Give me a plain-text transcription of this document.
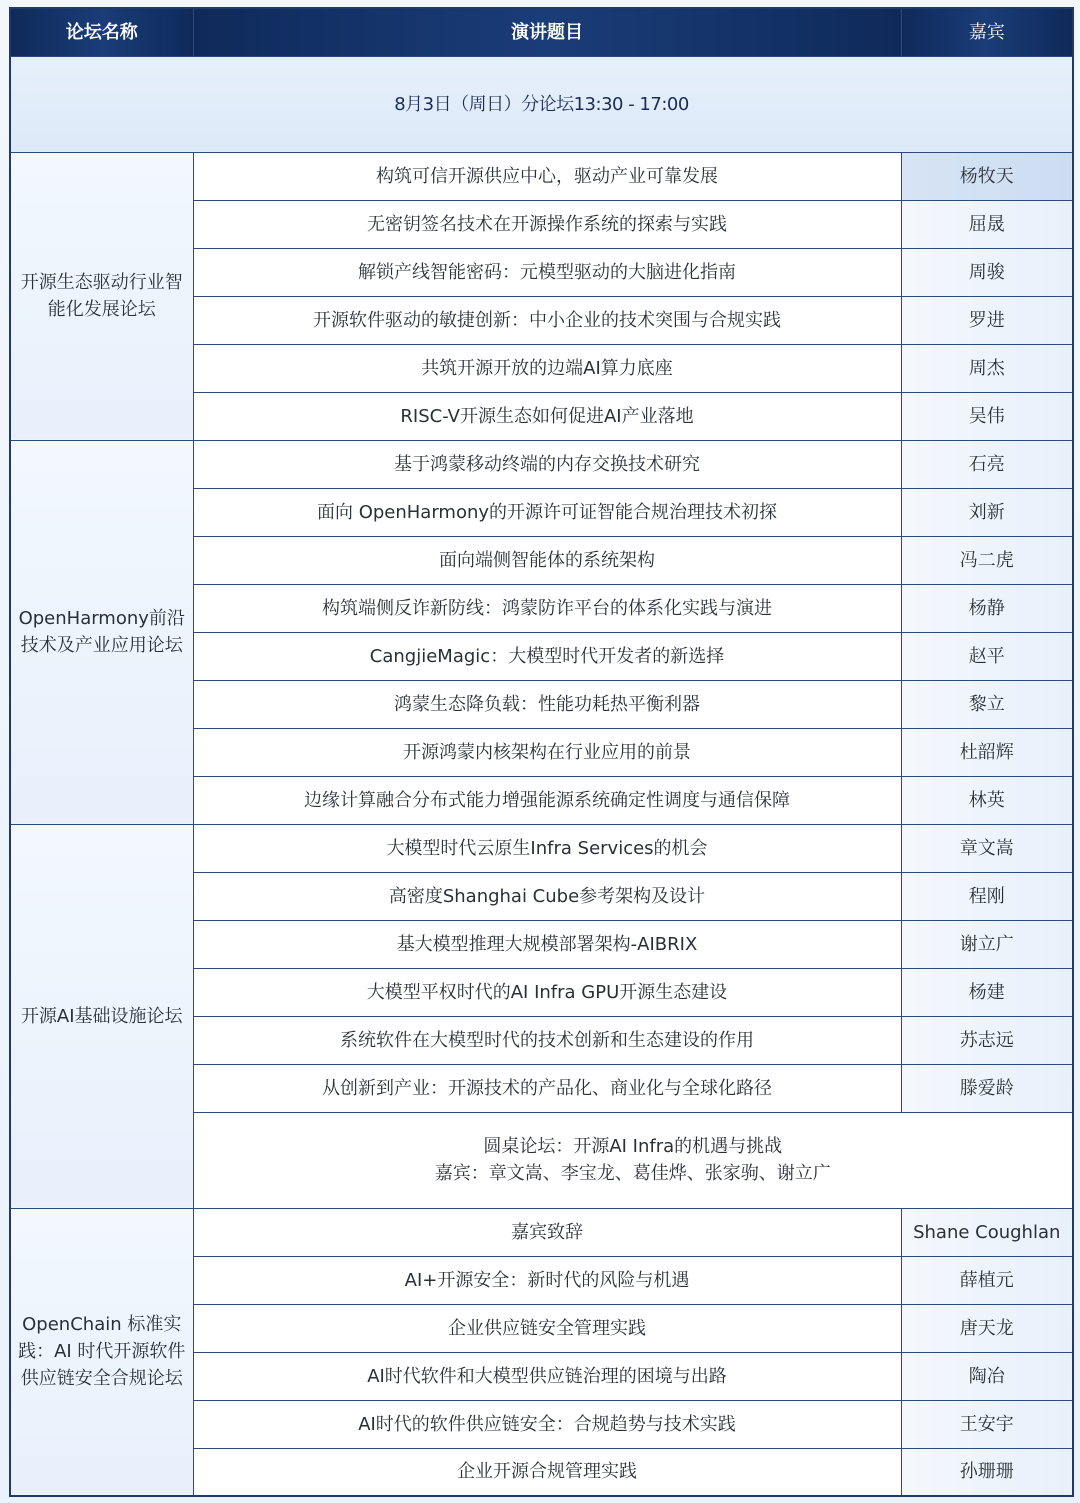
论坛名称	演讲题目	嘉宾
8月3日（周日）分论坛13:30 - 17:00		
开源生态驱动行业智能化发展论坛	构筑可信开源供应中心，驱动产业可靠发展	杨牧天
	无密钥签名技术在开源操作系统的探索与实践	屈晟
	解锁产线智能密码：元模型驱动的大脑进化指南	周骏
	开源软件驱动的敏捷创新：中小企业的技术突围与合规实践	罗进
	共筑开源开放的边端AI算力底座	周杰
	RISC-V开源生态如何促进AI产业落地	吴伟
OpenHarmony前沿技术及产业应用论坛	基于鸿蒙移动终端的内存交换技术研究	石亮
	面向 OpenHarmony的开源许可证智能合规治理技术初探	刘新
	面向端侧智能体的系统架构	冯二虎
	构筑端侧反诈新防线：鸿蒙防诈平台的体系化实践与演进	杨静
	CangjieMagic：大模型时代开发者的新选择	赵平
	鸿蒙生态降负载：性能功耗热平衡利器	黎立
	开源鸿蒙内核架构在行业应用的前景	杜韶辉
	边缘计算融合分布式能力增强能源系统确定性调度与通信保障	林英
开源AI基础设施论坛	大模型时代云原生Infra Services的机会	章文嵩
	高密度Shanghai Cube参考架构及设计	程刚
	基大模型推理大规模部署架构-AIBRIX	谢立广
	大模型平权时代的AI Infra GPU开源生态建设	杨建
	系统软件在大模型时代的技术创新和生态建设的作用	苏志远
	从创新到产业：开源技术的产品化、商业化与全球化路径	滕爱龄

	圆桌论坛：开源AI Infra的机遇与挑战
嘉宾：章文嵩、李宝龙、葛佳烨、张家驹、谢立广	

OpenChain 标准实践：AI 时代开源软件供应链安全合规论坛	嘉宾致辞	Shane Coughlan
	AI+开源安全：新时代的风险与机遇	薛植元
	企业供应链安全管理实践	唐天龙
	AI时代软件和大模型供应链治理的困境与出路	陶冶
	AI时代的软件供应链安全：合规趋势与技术实践	王安宇
	企业开源合规管理实践	孙珊珊
